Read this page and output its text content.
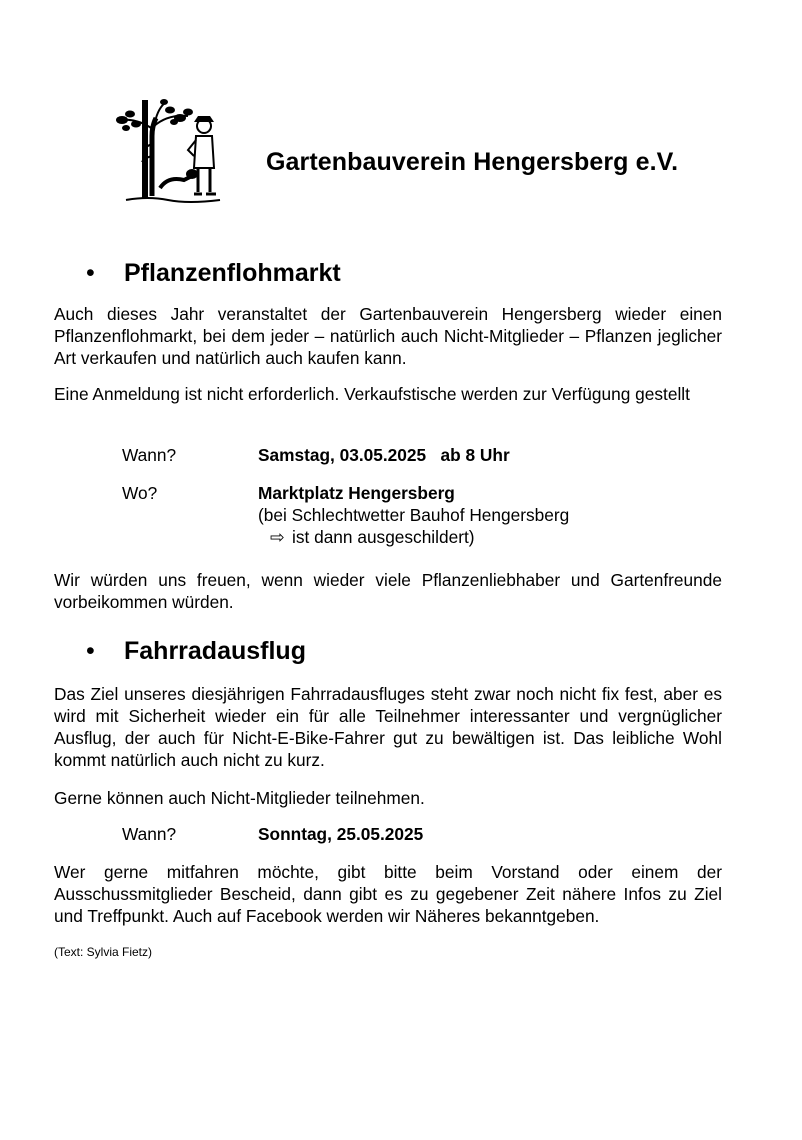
Gartenbauverein Hengersberg e.V.
• Pflanzenflohmarkt
Auch dieses Jahr veranstaltet der Gartenbauverein Hengersberg wieder einen Pflanzenflohmarkt, bei dem jeder – natürlich auch Nicht-Mitglieder – Pflanzen jeglicher Art verkaufen und natürlich auch kaufen kann.
Eine Anmeldung ist nicht erforderlich. Verkaufstische werden zur Verfügung gestellt
Wann?	Samstag, 03.05.2025   ab 8 Uhr
Wo?	Marktplatz Hengersberg
(bei Schlechtwetter Bauhof Hengersberg
⇨ ist dann ausgeschildert)
Wir würden uns freuen, wenn wieder viele Pflanzenliebhaber und Gartenfreunde vorbeikommen würden.
• Fahrradausflug
Das Ziel unseres diesjährigen Fahrradausfluges steht zwar noch nicht fix fest, aber es wird mit Sicherheit wieder ein für alle Teilnehmer interessanter und vergnüglicher Ausflug, der auch für Nicht-E-Bike-Fahrer gut zu bewältigen ist. Das leibliche Wohl kommt natürlich auch nicht zu kurz.
Gerne können auch Nicht-Mitglieder teilnehmen.
Wann?	Sonntag, 25.05.2025
Wer gerne mitfahren möchte, gibt bitte beim Vorstand oder einem der Ausschussmitglieder Bescheid, dann gibt es zu gegebener Zeit nähere Infos zu Ziel und Treffpunkt. Auch auf Facebook werden wir Näheres bekanntgeben.
(Text: Sylvia Fietz)
